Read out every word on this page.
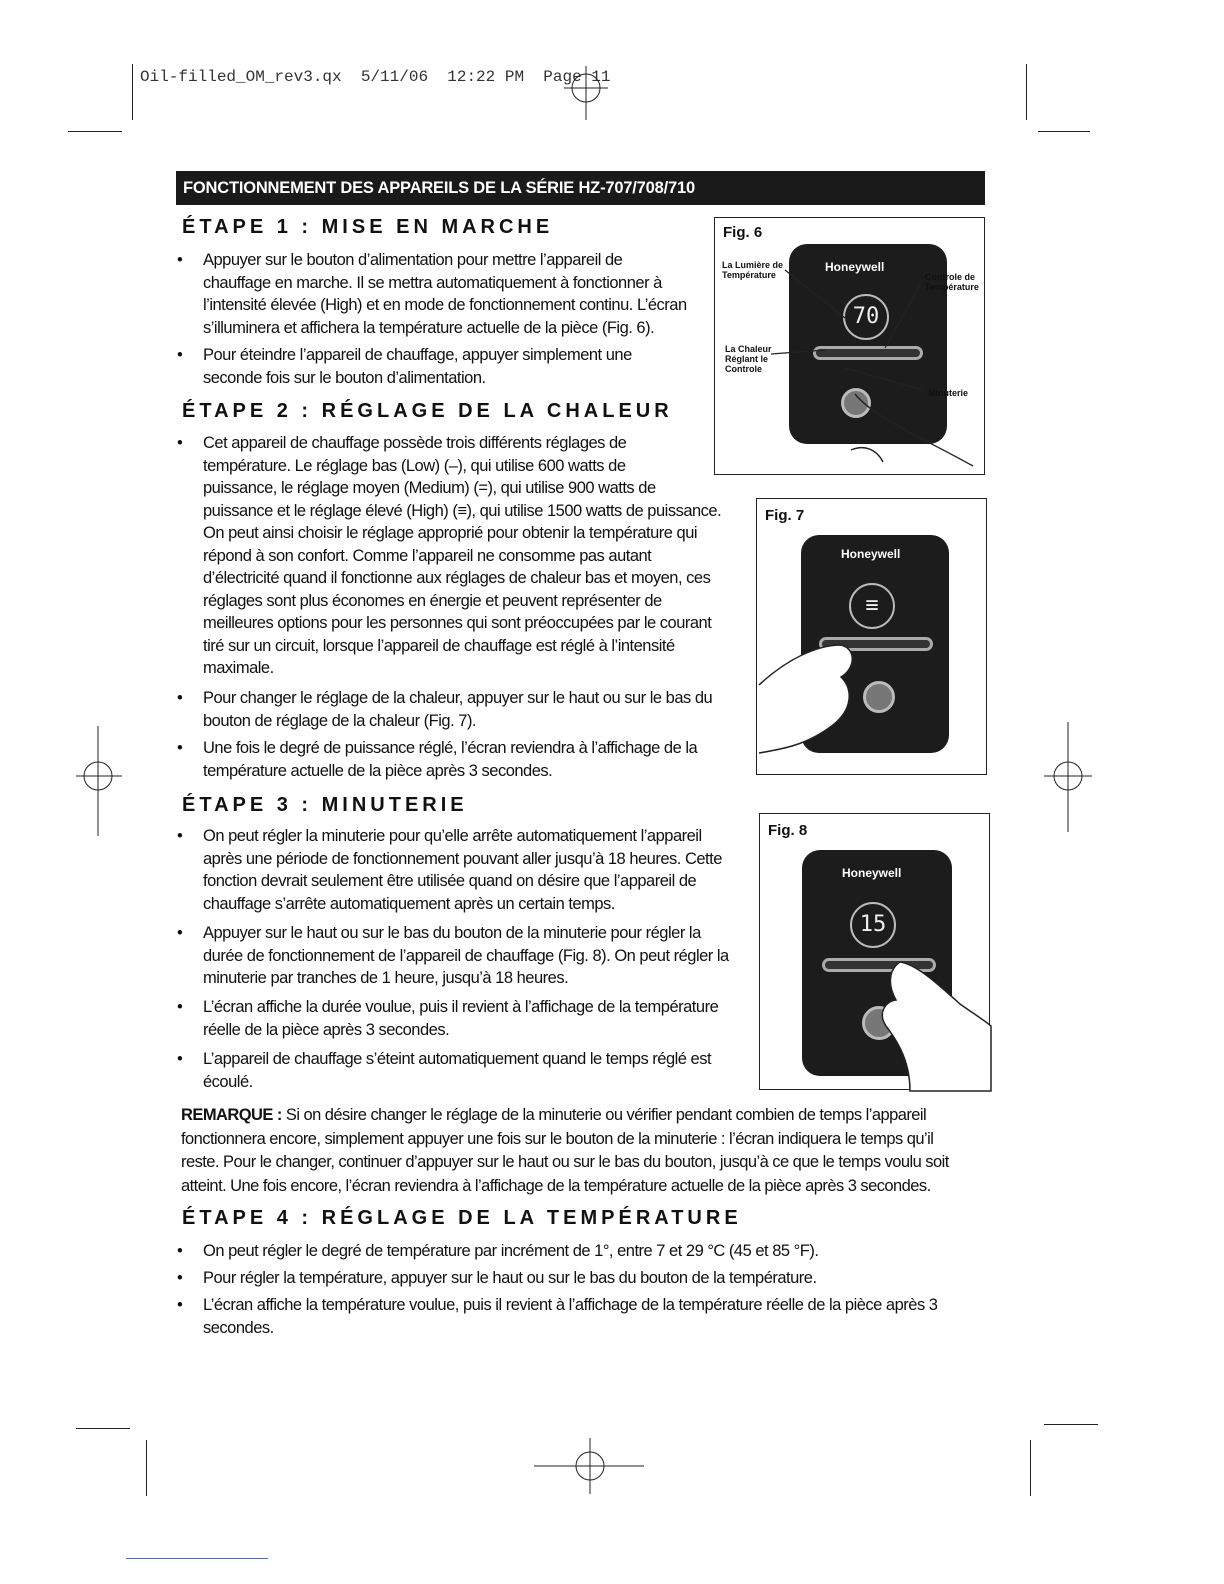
Oil-filled_OM_rev3.qx  5/11/06  12:22 PM  Page 11
FONCTIONNEMENT DES APPAREILS DE LA SÉRIE HZ-707/708/710
ÉTAPE 1 : MISE EN MARCHE
• Appuyer sur le bouton d’alimentation pour mettre l’appareil de
chauffage en marche. Il se mettra automatiquement à fonctionner à
l’intensité élevée (High) et en mode de fonctionnement continu. L’écran
s’illuminera et affichera la température actuelle de la pièce (Fig. 6).
• Pour éteindre l’appareil de chauffage, appuyer simplement une
seconde fois sur le bouton d’alimentation.
ÉTAPE 2 : RÉGLAGE DE LA CHALEUR
• Cet appareil de chauffage possède trois différents réglages de
température. Le réglage bas (Low) (–), qui utilise 600 watts de
puissance, le réglage moyen (Medium) (=), qui utilise 900 watts de
puissance et le réglage élevé (High) (≡), qui utilise 1500 watts de puissance.
On peut ainsi choisir le réglage approprié pour obtenir la température qui
répond à son confort. Comme l’appareil ne consomme pas autant
d’électricité quand il fonctionne aux réglages de chaleur bas et moyen, ces
réglages sont plus économes en énergie et peuvent représenter de
meilleures options pour les personnes qui sont préoccupées par le courant
tiré sur un circuit, lorsque l’appareil de chauffage est réglé à l’intensité
maximale.
• Pour changer le réglage de la chaleur, appuyer sur le haut ou sur le bas du
bouton de réglage de la chaleur (Fig. 7).
• Une fois le degré de puissance réglé, l’écran reviendra à l’affichage de la
température actuelle de la pièce après 3 secondes.
ÉTAPE 3 : MINUTERIE
• On peut régler la minuterie pour qu’elle arrête automatiquement l’appareil
après une période de fonctionnement pouvant aller jusqu’à 18 heures. Cette
fonction devrait seulement être utilisée quand on désire que l’appareil de
chauffage s’arrête automatiquement après un certain temps.
• Appuyer sur le haut ou sur le bas du bouton de la minuterie pour régler la
durée de fonctionnement de l’appareil de chauffage (Fig. 8). On peut régler la
minuterie par tranches de 1 heure, jusqu’à 18 heures.
• L’écran affiche la durée voulue, puis il revient à l’affichage de la température
réelle de la pièce après 3 secondes.
• L’appareil de chauffage s’éteint automatiquement quand le temps réglé est
écoulé.
REMARQUE : Si on désire changer le réglage de la minuterie ou vérifier pendant combien de temps l’appareil
fonctionnera encore, simplement appuyer une fois sur le bouton de la minuterie : l’écran indiquera le temps qu’il
reste. Pour le changer, continuer d’appuyer sur le haut ou sur le bas du bouton, jusqu’à ce que le temps voulu soit
atteint. Une fois encore, l’écran reviendra à l’affichage de la température actuelle de la pièce après 3 secondes.
ÉTAPE 4 : RÉGLAGE DE LA TEMPÉRATURE
• On peut régler le degré de température par incrément de 1°, entre 7 et 29 °C (45 et 85 °F).
• Pour régler la température, appuyer sur le haut ou sur le bas du bouton de la température.
• L’écran affiche la température voulue, puis il revient à l’affichage de la température réelle de la pièce après 3
secondes.
Fig. 6
Honeywell
70
La Lumière de
Température	Controle de
Température
La Chaleur
Réglant le
Controle
Minuterie
Fig. 7
Honeywell
≡
Fig. 8
Honeywell
15
